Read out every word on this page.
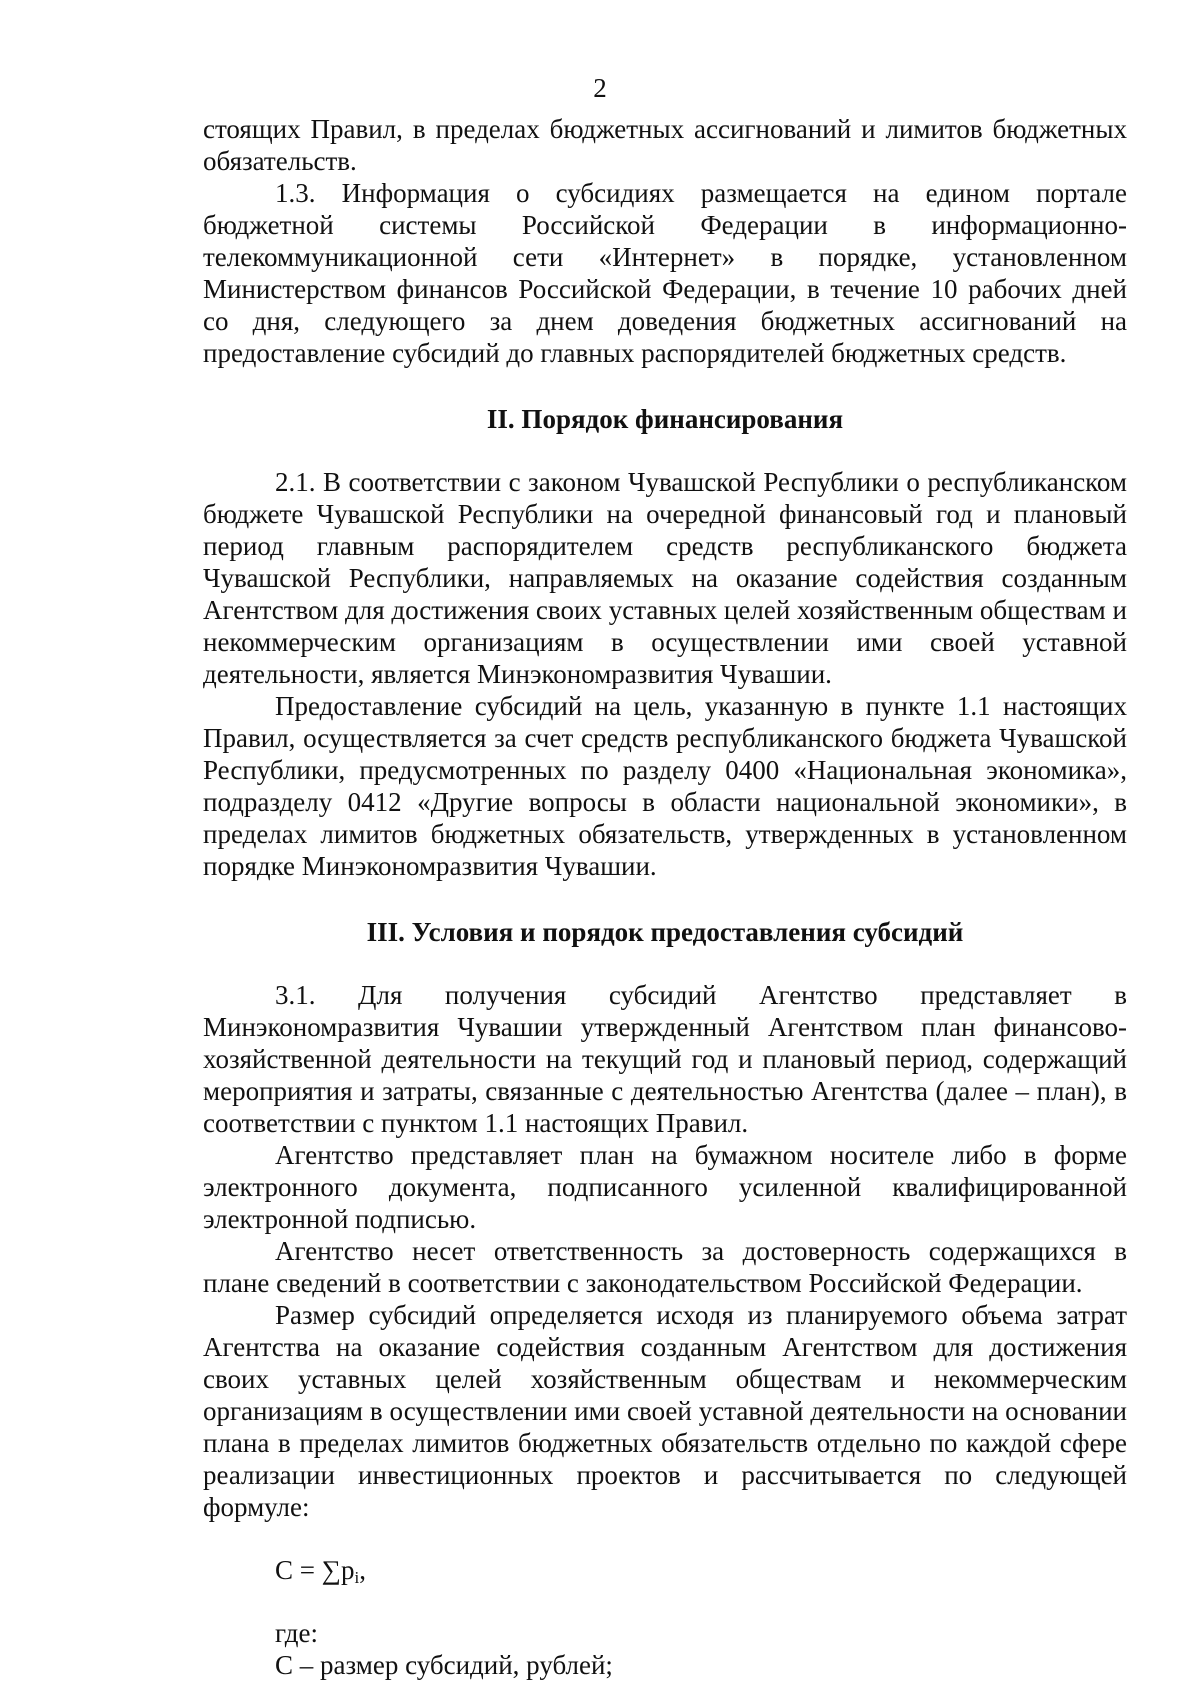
2

стоящих Правил, в пределах бюджетных ассигнований и лимитов бюджетных обязательств.

1.3. Информация о субсидиях размещается на едином портале бюджетной системы Российской Федерации в информационно-телекоммуникационной сети «Интернет» в порядке, установленном Министерством финансов Российской Федерации, в течение 10 рабочих дней со дня, следующего за днем доведения бюджетных ассигнований на предоставление субсидий до главных распорядителей бюджетных средств.

II. Порядок финансирования

2.1. В соответствии с законом Чувашской Республики о республиканском бюджете Чувашской Республики на очередной финансовый год и плановый период главным распорядителем средств республиканского бюджета Чувашской Республики, направляемых на оказание содействия созданным Агентством для достижения своих уставных целей хозяйственным обществам и некоммерческим организациям в осуществлении ими своей уставной деятельности, является Минэкономразвития Чувашии.

Предоставление субсидий на цель, указанную в пункте 1.1 настоящих Правил, осуществляется за счет средств республиканского бюджета Чувашской Республики, предусмотренных по разделу 0400 «Национальная экономика», подразделу 0412 «Другие вопросы в области национальной экономики», в пределах лимитов бюджетных обязательств, утвержденных в установленном порядке Минэкономразвития Чувашии.

III. Условия и порядок предоставления субсидий

3.1. Для получения субсидий Агентство представляет в Минэкономразвития Чувашии утвержденный Агентством план финансово-хозяйственной деятельности на текущий год и плановый период, содержащий мероприятия и затраты, связанные с деятельностью Агентства (далее – план), в соответствии с пунктом 1.1 настоящих Правил.

Агентство представляет план на бумажном носителе либо в форме электронного документа, подписанного усиленной квалифицированной электронной подписью.

Агентство несет ответственность за достоверность содержащихся в плане сведений в соответствии с законодательством Российской Федерации.

Размер субсидий определяется исходя из планируемого объема затрат Агентства на оказание содействия созданным Агентством для достижения своих уставных целей хозяйственным обществам и некоммерческим организациям в осуществлении ими своей уставной деятельности на основании плана в пределах лимитов бюджетных обязательств отдельно по каждой сфере реализации инвестиционных проектов и рассчитывается по следующей формуле:

$С = \sum p_i$,

где:

С – размер субсидий, рублей;
